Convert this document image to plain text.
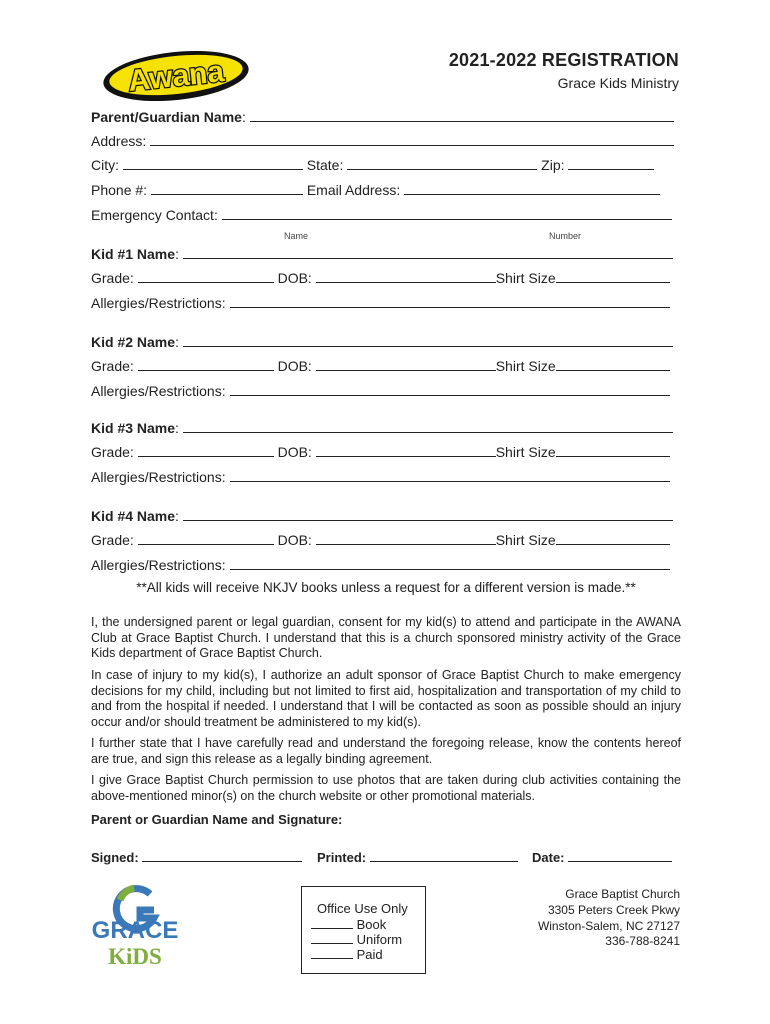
Awana	2021-2022 REGISTRATION
Grace Kids Ministry
Parent/Guardian Name:
Address:
City:	State:	Zip:
Phone #:	Email Address:
Emergency Contact:
Name	Number
Kid #1 Name:
Grade:	DOB:	Shirt Size
Allergies/Restrictions:
Kid #2 Name:
Grade:	DOB:	Shirt Size
Allergies/Restrictions:
Kid #3 Name:
Grade:	DOB:	Shirt Size
Allergies/Restrictions:
Kid #4 Name:
Grade:	DOB:	Shirt Size
Allergies/Restrictions:
**All kids will receive NKJV books unless a request for a different version is made.**
I, the undersigned parent or legal guardian, consent for my kid(s) to attend and participate in the AWANA Club at Grace Baptist Church. I understand that this is a church sponsored ministry activity of the Grace Kids department of Grace Baptist Church.
In case of injury to my kid(s), I authorize an adult sponsor of Grace Baptist Church to make emergency decisions for my child, including but not limited to first aid, hospitalization and transportation of my child to and from the hospital if needed. I understand that I will be contacted as soon as possible should an injury occur and/or should treatment be administered to my kid(s).
I further state that I have carefully read and understand the foregoing release, know the contents hereof are true, and sign this release as a legally binding agreement.
I give Grace Baptist Church permission to use photos that are taken during club activities containing the above-mentioned minor(s) on the church website or other promotional materials.
Parent or Guardian Name and Signature:
Signed:	Printed:	Date:
GRACE
KiDS
Office Use Only
Book
Uniform
Paid
Grace Baptist Church
3305 Peters Creek Pkwy
Winston-Salem, NC 27127
336-788-8241
